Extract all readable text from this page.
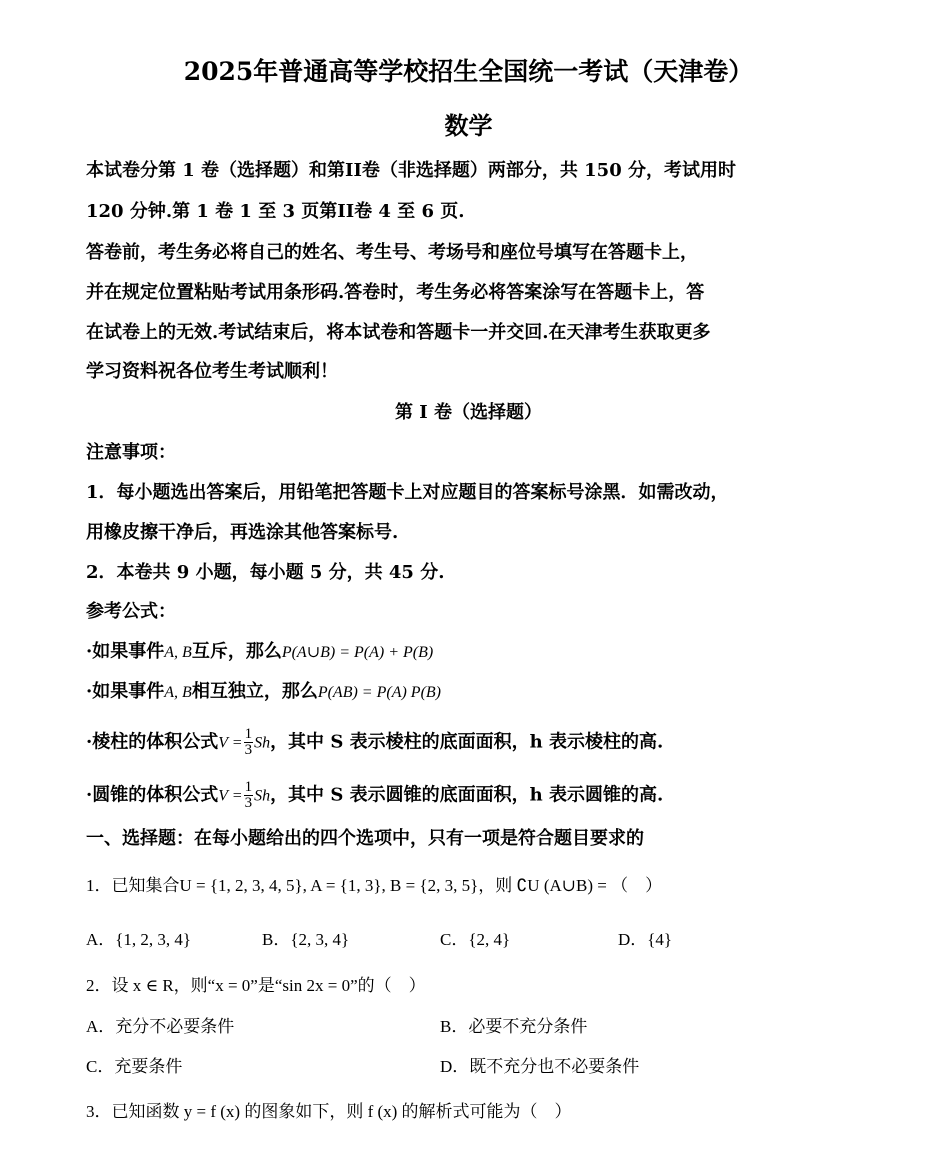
2025年普通高等学校招生全国统一考试（天津卷）
数学
本试卷分第 1 卷（选择题）和第II卷（非选择题）两部分，共 150 分，考试用时
120 分钟.第 1 卷 1 至 3 页第II卷 4 至 6 页.
答卷前，考生务必将自己的姓名、考生号、考场号和座位号填写在答题卡上，
并在规定位置粘贴考试用条形码.答卷时，考生务必将答案涂写在答题卡上，答
在试卷上的无效.考试结束后，将本试卷和答题卡一并交回.在天津考生获取更多
学习资料祝各位考生考试顺利！
第 I 卷（选择题）
注意事项：
1．每小题选出答案后，用铅笔把答题卡上对应题目的答案标号涂黑．如需改动，
用橡皮擦干净后，再选涂其他答案标号.
2．本卷共 9 小题，每小题 5 分，共 45 分.
参考公式：
·如果事件A, B互斥，那么P(A∪B) = P(A) + P(B)
·如果事件A, B相互独立，那么P(AB) = P(A) P(B)
·棱柱的体积公式$V = \frac{1}{3}$ Sh，其中 S 表示棱柱的底面面积，h 表示棱柱的高.
·圆锥的体积公式$V = \frac{1}{3}$ Sh，其中 S 表示圆锥的底面面积，h 表示圆锥的高.
一、选择题：在每小题给出的四个选项中，只有一项是符合题目要求的
1．已知集合U = {1, 2, 3, 4, 5}, A = {1, 3}, B = {2, 3, 5}，则 ∁U (A∪B) = （　）
A．{1, 2, 3, 4}	B．{2, 3, 4}	C．{2, 4}	D．{4}
2．设 x ∈ R，则“x = 0”是“sin 2x = 0”的（　）
A．充分不必要条件	B．必要不充分条件
C．充要条件	D．既不充分也不必要条件
3．已知函数 y = f (x) 的图象如下，则 f (x) 的解析式可能为（　）
